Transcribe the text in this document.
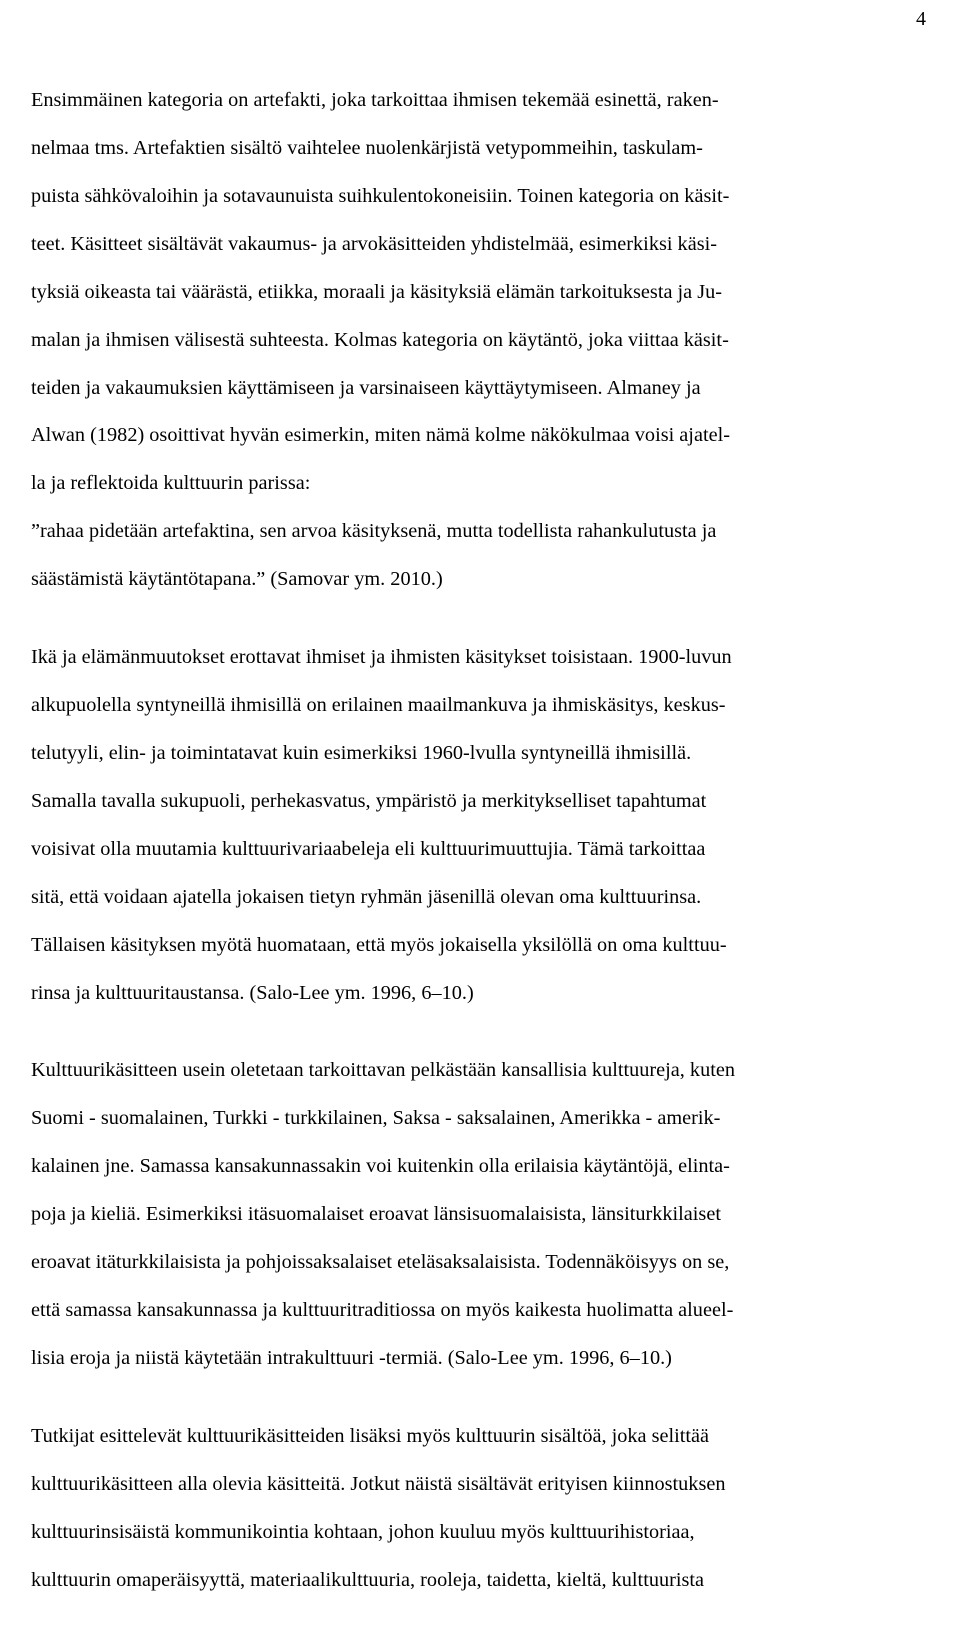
4
Ensimmäinen kategoria on artefakti, joka tarkoittaa ihmisen tekemää esinettä, raken-
nelmaa tms. Artefaktien sisältö vaihtelee nuolenkärjistä vetypommeihin, taskulam-
puista sähkövaloihin ja sotavaunuista suihkulentokoneisiin. Toinen kategoria on käsit-
teet. Käsitteet sisältävät vakaumus- ja arvokäsitteiden yhdistelmää, esimerkiksi käsi-
tyksiä oikeasta tai väärästä, etiikka, moraali ja käsityksiä elämän tarkoituksesta ja Ju-
malan ja ihmisen välisestä suhteesta. Kolmas kategoria on käytäntö, joka viittaa käsit-
teiden ja vakaumuksien käyttämiseen ja varsinaiseen käyttäytymiseen. Almaney ja
Alwan (1982) osoittivat hyvän esimerkin, miten nämä kolme näkökulmaa voisi ajatel-
la ja reflektoida kulttuurin parissa:
”rahaa pidetään artefaktina, sen arvoa käsityksenä, mutta todellista rahankulutusta ja
säästämistä käytäntötapana.” (Samovar ym. 2010.)
Ikä ja elämänmuutokset erottavat ihmiset ja ihmisten käsitykset toisistaan. 1900-luvun
alkupuolella syntyneillä ihmisillä on erilainen maailmankuva ja ihmiskäsitys, keskus-
telutyyli, elin- ja toimintatavat kuin esimerkiksi 1960-lvulla syntyneillä ihmisillä.
Samalla tavalla sukupuoli, perhekasvatus, ympäristö ja merkitykselliset tapahtumat
voisivat olla muutamia kulttuurivariaabeleja eli kulttuurimuuttujia. Tämä tarkoittaa
sitä, että voidaan ajatella jokaisen tietyn ryhmän jäsenillä olevan oma kulttuurinsa.
Tällaisen käsityksen myötä huomataan, että myös jokaisella yksilöllä on oma kulttuu-
rinsa ja kulttuuritaustansa. (Salo-Lee ym. 1996, 6–10.)
Kulttuurikäsitteen usein oletetaan tarkoittavan pelkästään kansallisia kulttuureja, kuten
Suomi - suomalainen, Turkki - turkkilainen, Saksa - saksalainen, Amerikka - amerik-
kalainen jne. Samassa kansakunnassakin voi kuitenkin olla erilaisia käytäntöjä, elinta-
poja ja kieliä. Esimerkiksi itäsuomalaiset eroavat länsisuomalaisista, länsiturkkilaiset
eroavat itäturkkilaisista ja pohjoissaksalaiset eteläsaksalaisista. Todennäköisyys on se,
että samassa kansakunnassa ja kulttuuritraditiossa on myös kaikesta huolimatta alueel-
lisia eroja ja niistä käytetään intrakulttuuri -termiä. (Salo-Lee ym. 1996, 6–10.)
Tutkijat esittelevät kulttuurikäsitteiden lisäksi myös kulttuurin sisältöä, joka selittää
kulttuurikäsitteen alla olevia käsitteitä. Jotkut näistä sisältävät erityisen kiinnostuksen
kulttuurinsisäistä kommunikointia kohtaan, johon kuuluu myös kulttuurihistoriaa,
kulttuurin omaperäisyyttä, materiaalikulttuuria, rooleja, taidetta, kieltä, kulttuurista
